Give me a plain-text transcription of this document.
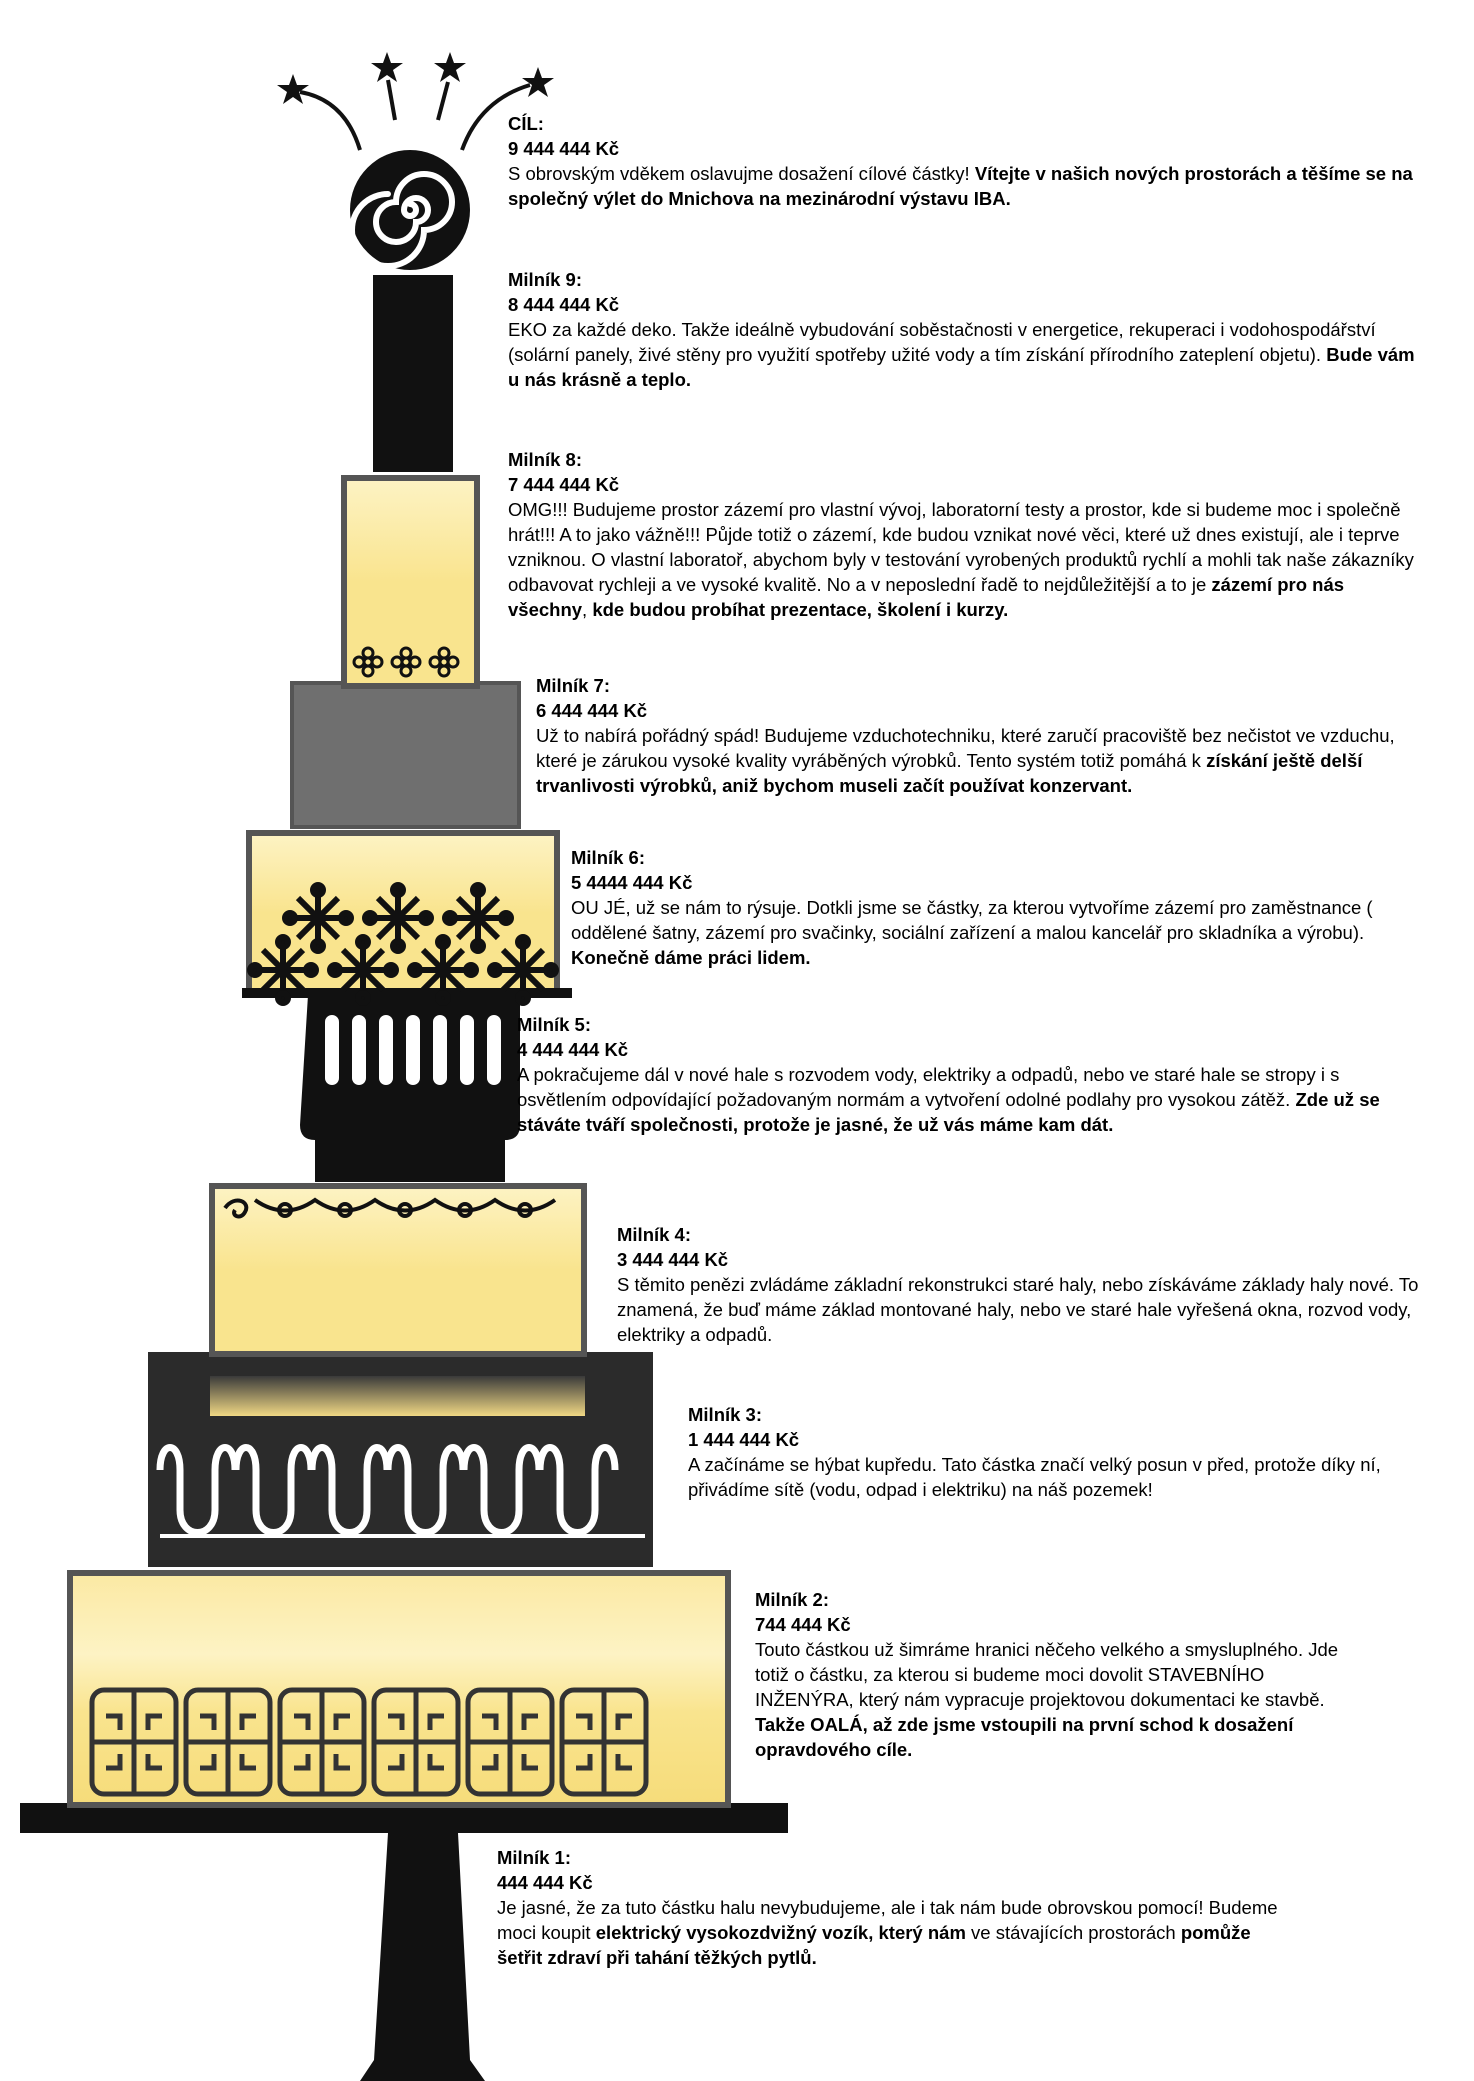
CÍL:

9 444 444 Kč

S obrovským vděkem oslavujme dosažení cílové částky! Vítejte v našich nových prostorách a těšíme se na společný výlet do Mnichova na mezinárodní výstavu IBA.

Milník 9:

8 444 444 Kč

EKO za každé deko. Takže ideálně vybudování soběstačnosti v energetice, rekuperaci i vodohospodářství (solární panely, živé stěny pro využití spotřeby užité vody a tím získání přírodního zateplení objetu). Bude vám u nás krásně a teplo.

Milník 8:

7 444 444 Kč

OMG!!! Budujeme prostor zázemí pro vlastní vývoj, laboratorní testy a prostor, kde si budeme moc i společně hrát!!! A to jako vážně!!! Půjde totiž o zázemí, kde budou vznikat nové věci, které už dnes existují, ale i teprve vzniknou. O vlastní laboratoř, abychom byly v testování vyrobených produktů rychlí a mohli tak naše zákazníky odbavovat rychleji a ve vysoké kvalitě. No a v neposlední řadě to nejdůležitější a to je zázemí pro nás všechny, kde budou probíhat prezentace, školení i kurzy.

Milník 7:

6 444 444 Kč

Už to nabírá pořádný spád! Budujeme vzduchotechniku, které zaručí pracoviště bez nečistot ve vzduchu, které je zárukou vysoké kvality vyráběných výrobků. Tento systém totiž pomáhá k získání ještě delší trvanlivosti výrobků, aniž bychom museli začít používat konzervant.

Milník 6:

5 4444 444 Kč

OU JÉ, už se nám to rýsuje. Dotkli jsme se částky, za kterou vytvoříme zázemí pro zaměstnance ( oddělené šatny, zázemí pro svačinky, sociální zařízení a malou kancelář pro skladníka a výrobu). Konečně dáme práci lidem.

Milník 5:

4 444 444 Kč

A pokračujeme dál v nové hale s rozvodem vody, elektriky a odpadů, nebo ve staré hale se stropy i s osvětlením odpovídající požadovaným normám a vytvoření odolné podlahy pro vysokou zátěž. Zde už se stáváte tváří společnosti, protože je jasné, že už vás máme kam dát.

Milník 4:

3 444 444 Kč

S těmito penězi zvládáme základní rekonstrukci staré haly, nebo získáváme základy haly nové. To znamená, že buď máme základ montované haly, nebo ve staré hale vyřešená okna, rozvod vody, elektriky a odpadů.

Milník 3:

1 444 444 Kč

A začínáme se hýbat kupředu. Tato částka značí velký posun v před, protože díky ní, přivádíme sítě (vodu, odpad i elektriku) na náš pozemek!

Milník 2:

744 444 Kč

Touto částkou už šimráme hranici něčeho velkého a smysluplného. Jde totiž o částku, za kterou si budeme moci dovolit STAVEBNÍHO INŽENÝRA, který nám vypracuje projektovou dokumentaci ke stavbě. Takže OALÁ, až zde jsme vstoupili na první schod k dosažení opravdového cíle.

Milník 1:

444 444 Kč

Je jasné, že za tuto částku halu nevybudujeme, ale i tak nám bude obrovskou pomocí! Budeme moci koupit elektrický vysokozdvižný vozík, který nám ve stávajících prostorách pomůže šetřit zdraví při tahání těžkých pytlů.
